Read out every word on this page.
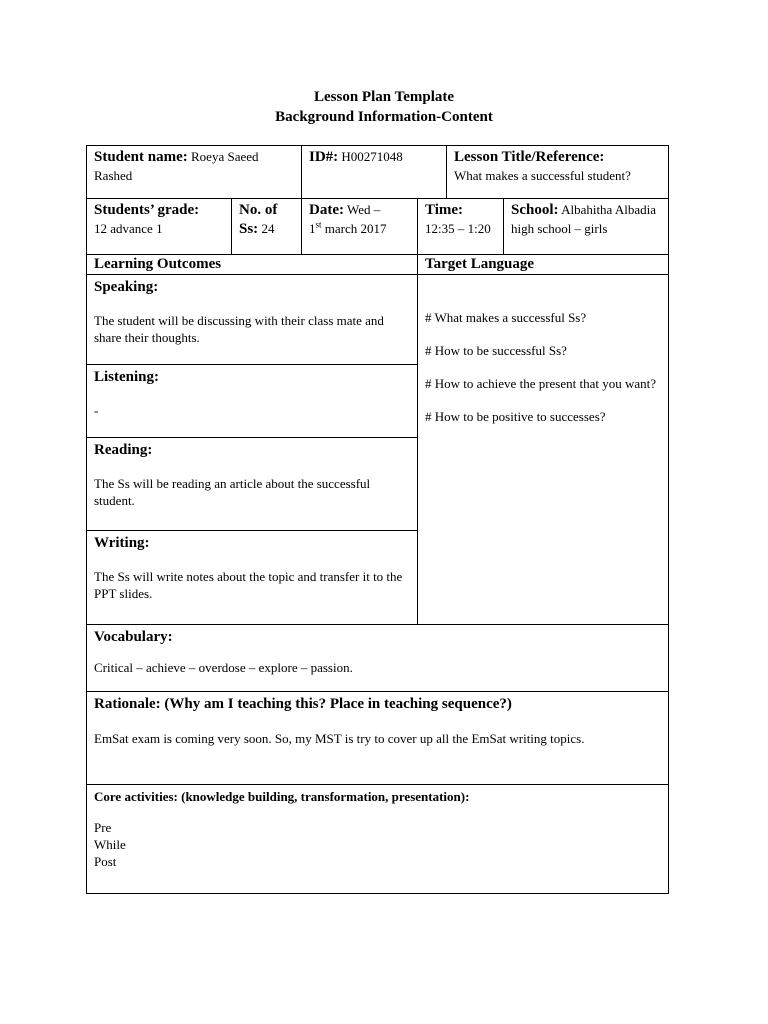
Lesson Plan Template
Background Information-Content
Student name: Roeya Saeed Rashed
ID#: H00271048	Lesson Title/Reference:
What makes a successful student?
Students’ grade:
12 advance 1
No. of
Ss: 24
Date: Wed –
1st march 2017
Time:
12:35 – 1:20
School: Albahitha Albadia high school – girls
Learning Outcomes	Target Language
Speaking:
The student will be discussing with their class mate and share their thoughts.
Listening:
-
Reading:
The Ss will be reading an article about the successful student.
Writing:
The Ss will write notes about the topic and transfer it to the PPT slides.

# What makes a successful Ss?

# How to be successful Ss?

# How to achieve the present that you want?

# How to be positive to successes?

Vocabulary:
Critical – achieve – overdose – explore – passion.
Rationale: (Why am I teaching this? Place in teaching sequence?)
EmSat exam is coming very soon. So, my MST is try to cover up all the EmSat writing topics.
Core activities: (knowledge building, transformation, presentation):
Pre
While
Post
